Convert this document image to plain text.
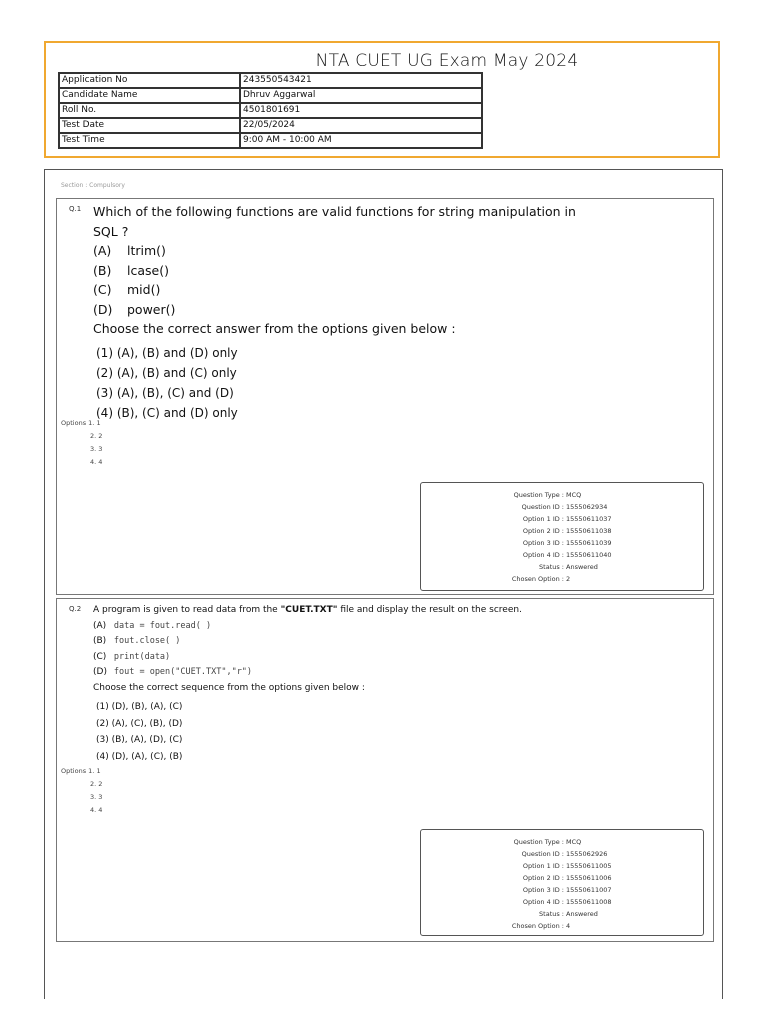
NTA CUET UG Exam May 2024
Application No	243550543421
Candidate Name	Dhruv Aggarwal
Roll No.	4501801691
Test Date	22/05/2024
Test Time	9:00 AM - 10:00 AM
Section : Compulsory
Q.1 Which of the following functions are valid functions for string manipulation in
SQL ?
(A) ltrim()
(B) lcase()
(C) mid()
(D) power()
Choose the correct answer from the options given below :
(1) (A), (B) and (D) only
(2) (A), (B) and (C) only
(3) (A), (B), (C) and (D)
(4) (B), (C) and (D) only
Options 1. 1
2. 2
3. 3
4. 4
Question Type : MCQ
Question ID : 1555062934
Option 1 ID : 15550611037
Option 2 ID : 15550611038
Option 3 ID : 15550611039
Option 4 ID : 15550611040
Status : Answered
Chosen Option : 2
Q.2 A program is given to read data from the "CUET.TXT" file and display the result on the screen.
(A) data = fout.read( )
(B) fout.close( )
(C) print(data)
(D) fout = open("CUET.TXT","r")
Choose the correct sequence from the options given below :
(1) (D), (B), (A), (C)
(2) (A), (C), (B), (D)
(3) (B), (A), (D), (C)
(4) (D), (A), (C), (B)
Options 1. 1
2. 2
3. 3
4. 4
Question Type : MCQ
Question ID : 1555062926
Option 1 ID : 15550611005
Option 2 ID : 15550611006
Option 3 ID : 15550611007
Option 4 ID : 15550611008
Status : Answered
Chosen Option : 4
